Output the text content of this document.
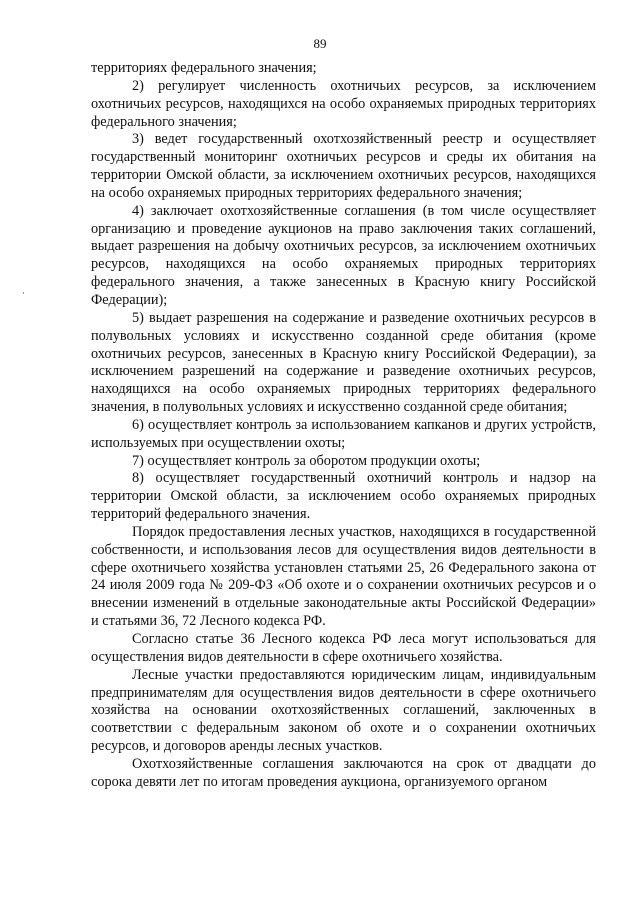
89

территориях федерального значения;

2) регулирует численность охотничьих ресурсов, за исключением охотничьих ресурсов, находящихся на особо охраняемых природных территориях федерального значения;

3) ведет государственный охотхозяйственный реестр и осуществляет государственный мониторинг охотничьих ресурсов и среды их обитания на территории Омской области, за исключением охотничьих ресурсов, находящихся на особо охраняемых природных территориях федерального значения;

4) заключает охотхозяйственные соглашения (в том числе осуществляет организацию и проведение аукционов на право заключения таких соглашений, выдает разрешения на добычу охотничьих ресурсов, за исключением охотничьих ресурсов, находящихся на особо охраняемых природных территориях федерального значения, а также занесенных в Красную книгу Российской Федерации);

5) выдает разрешения на содержание и разведение охотничьих ресурсов в полувольных условиях и искусственно созданной среде обитания (кроме охотничьих ресурсов, занесенных в Красную книгу Российской Федерации), за исключением разрешений на содержание и разведение охотничьих ресурсов, находящихся на особо охраняемых природных территориях федерального значения, в полувольных условиях и искусственно созданной среде обитания;

6) осуществляет контроль за использованием капканов и других устройств, используемых при осуществлении охоты;

7) осуществляет контроль за оборотом продукции охоты;

8) осуществляет государственный охотничий контроль и надзор на территории Омской области, за исключением особо охраняемых природных территорий федерального значения.

Порядок предоставления лесных участков, находящихся в государственной собственности, и использования лесов для осуществления видов деятельности в сфере охотничьего хозяйства установлен статьями 25, 26 Федерального закона от 24 июля 2009 года № 209-ФЗ «Об охоте и о сохранении охотничьих ресурсов и о внесении изменений в отдельные законодательные акты Российской Федерации» и статьями 36, 72 Лесного кодекса РФ.

Согласно статье 36 Лесного кодекса РФ леса могут использоваться для осуществления видов деятельности в сфере охотничьего хозяйства.

Лесные участки предоставляются юридическим лицам, индивидуальным предпринимателям для осуществления видов деятельности в сфере охотничьего хозяйства на основании охотхозяйственных соглашений, заключенных в соответствии с федеральным законом об охоте и о сохранении охотничьих ресурсов, и договоров аренды лесных участков.

Охотхозяйственные соглашения заключаются на срок от двадцати до сорока девяти лет по итогам проведения аукциона, организуемого органом
